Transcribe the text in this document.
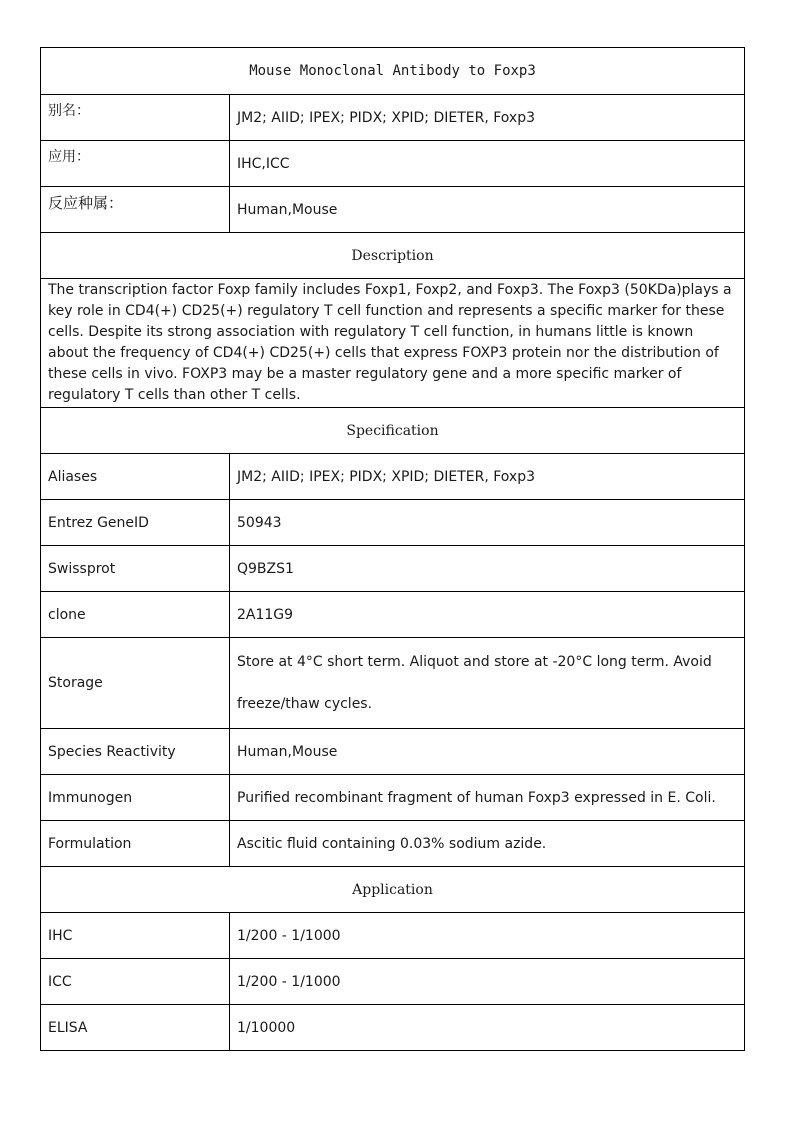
Mouse Monoclonal Antibody to Foxp3	
别名：	JM2; AIID; IPEX; PIDX; XPID; DIETER, Foxp3
应用：	IHC,ICC
反应种属：	Human,Mouse
Description	
The transcription factor Foxp family includes Foxp1, Foxp2, and Foxp3. The Foxp3 (50KDa)plays a key role in CD4(+) CD25(+) regulatory T cell function and represents a specific marker for these cells. Despite its strong association with regulatory T cell function, in humans little is known about the frequency of CD4(+) CD25(+) cells that express FOXP3 protein nor the distribution of these cells in vivo. FOXP3 may be a master regulatory gene and a more specific marker of regulatory T cells than other T cells.	
Specification	
Aliases	JM2; AIID; IPEX; PIDX; XPID; DIETER, Foxp3
Entrez GeneID	50943
Swissprot	Q9BZS1
clone	2A11G9
Storage	Store at 4°C short term. Aliquot and store at -20°C long term. Avoid freeze/thaw cycles.
Species Reactivity	Human,Mouse
Immunogen	Purified recombinant fragment of human Foxp3 expressed in E. Coli.
Formulation	Ascitic fluid containing 0.03% sodium azide.
Application	
IHC	1/200 - 1/1000
ICC	1/200 - 1/1000
ELISA	1/10000
